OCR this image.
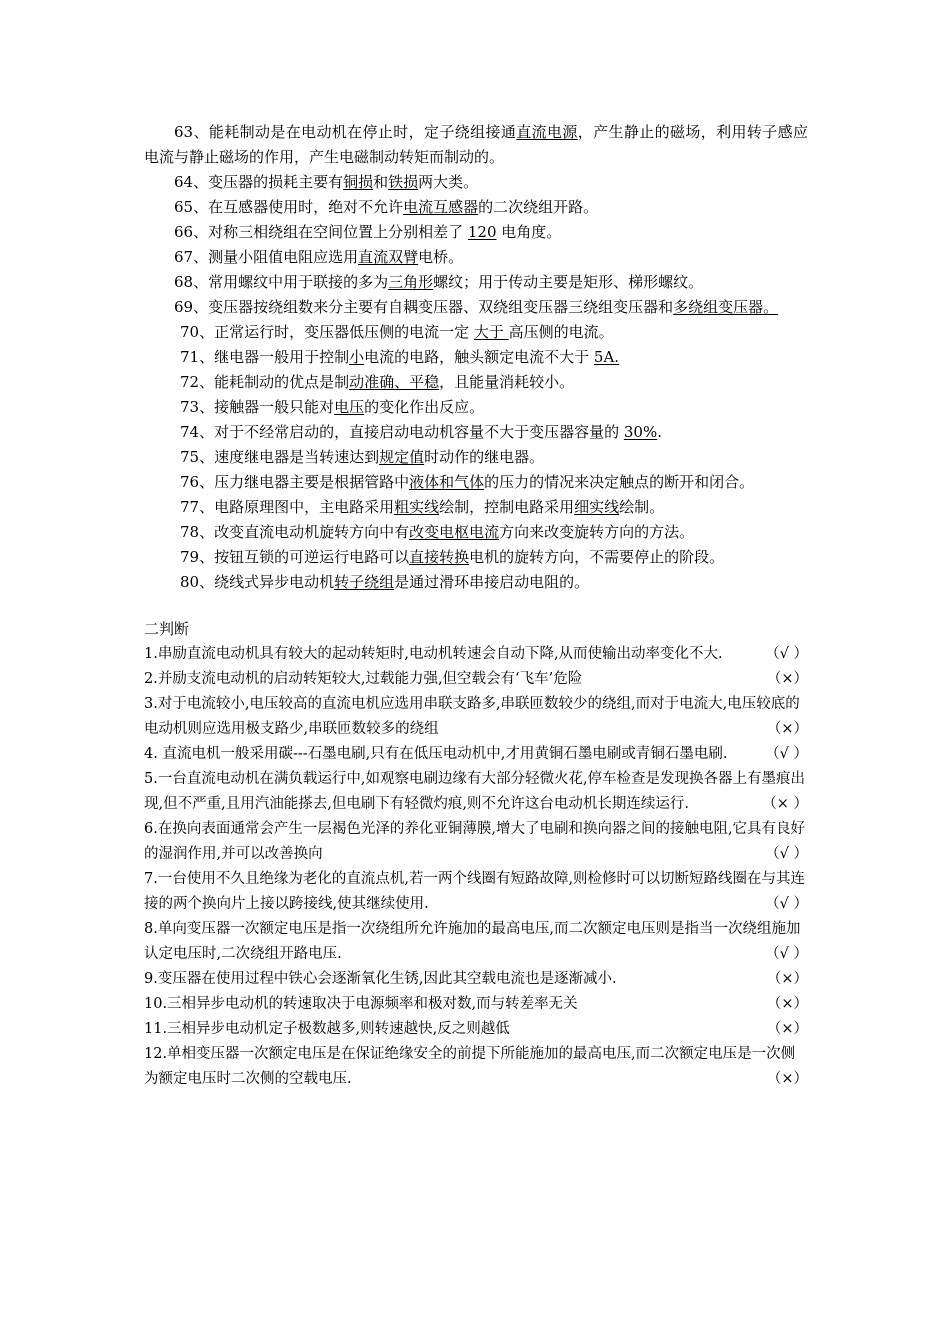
63、能耗制动是在电动机在停止时，定子绕组接通直流电源，产生静止的磁场，利用转子感应电流与静止磁场的作用，产生电磁制动转矩而制动的。

64、变压器的损耗主要有铜损和铁损两大类。

65、在互感器使用时，绝对不允许电流互感器的二次绕组开路。

66、对称三相绕组在空间位置上分别相差了 120 电角度。

67、测量小阻值电阻应选用直流双臂电桥。

68、常用螺纹中用于联接的多为三角形螺纹；用于传动主要是矩形、梯形螺纹。

69、变压器按绕组数来分主要有自耦变压器、双绕组变压器三绕组变压器和多绕组变压器。

70、正常运行时，变压器低压侧的电流一定 大于 高压侧的电流。

71、继电器一般用于控制小电流的电路，触头额定电流不大于 5A.

72、能耗制动的优点是制动准确、平稳，且能量消耗较小。

73、接触器一般只能对电压的变化作出反应。

74、对于不经常启动的，直接启动电动机容量不大于变压器容量的 30%.

75、速度继电器是当转速达到规定值时动作的继电器。

76、压力继电器主要是根据管路中液体和气体的压力的情况来决定触点的断开和闭合。

77、电路原理图中，主电路采用粗实线绘制，控制电路采用细实线绘制。

78、改变直流电动机旋转方向中有改变电枢电流方向来改变旋转方向的方法。

79、按钮互锁的可逆运行电路可以直接转换电机的旋转方向，不需要停止的阶段。

80、绕线式异步电动机转子绕组是通过滑环串接启动电阻的。

二判断

1.串励直流电动机具有较大的起动转矩时,电动机转速会自动下降,从而使输出动率变化不大.	（√ ）

2.并励支流电动机的启动转矩较大,过载能力强,但空载会有‘飞车’危险	（×）

3.对于电流较小,电压较高的直流电机应选用串联支路多,串联匝数较少的绕组,而对于电流大,电压较底的电动机则应选用极支路少,串联匝数较多的绕组	（×）

4. 直流电机一般采用碳---石墨电刷,只有在低压电动机中,才用黄铜石墨电刷或青铜石墨电刷.	（√ ）

5.一台直流电动机在满负载运行中,如观察电刷边缘有大部分轻微火花,停车检查是发现换各器上有墨痕出现,但不严重,且用汽油能搽去,但电刷下有轻微灼痕,则不允许这台电动机长期连续运行.	（× ）

6.在换向表面通常会产生一层褐色光泽的养化亚铜薄膜,增大了电刷和换向器之间的接触电阻,它具有良好的湿润作用,并可以改善换向	（√ ）

7.一台使用不久且绝缘为老化的直流点机,若一两个线圈有短路故障,则检修时可以切断短路线圈在与其连接的两个换向片上接以跨接线,使其继续使用.	（√ ）

8.单向变压器一次额定电压是指一次绕组所允许施加的最高电压,而二次额定电压则是指当一次绕组施加认定电压时,二次绕组开路电压.	（√ ）

9.变压器在使用过程中铁心会逐渐氧化生锈,因此其空载电流也是逐渐减小.	（×）

10.三相异步电动机的转速取决于电源频率和极对数,而与转差率无关	（×）

11.三相异步电动机定子极数越多,则转速越快,反之则越低	（×）

12.单相变压器一次额定电压是在保证绝缘安全的前提下所能施加的最高电压,而二次额定电压是一次侧为额定电压时二次侧的空载电压.	（×）
